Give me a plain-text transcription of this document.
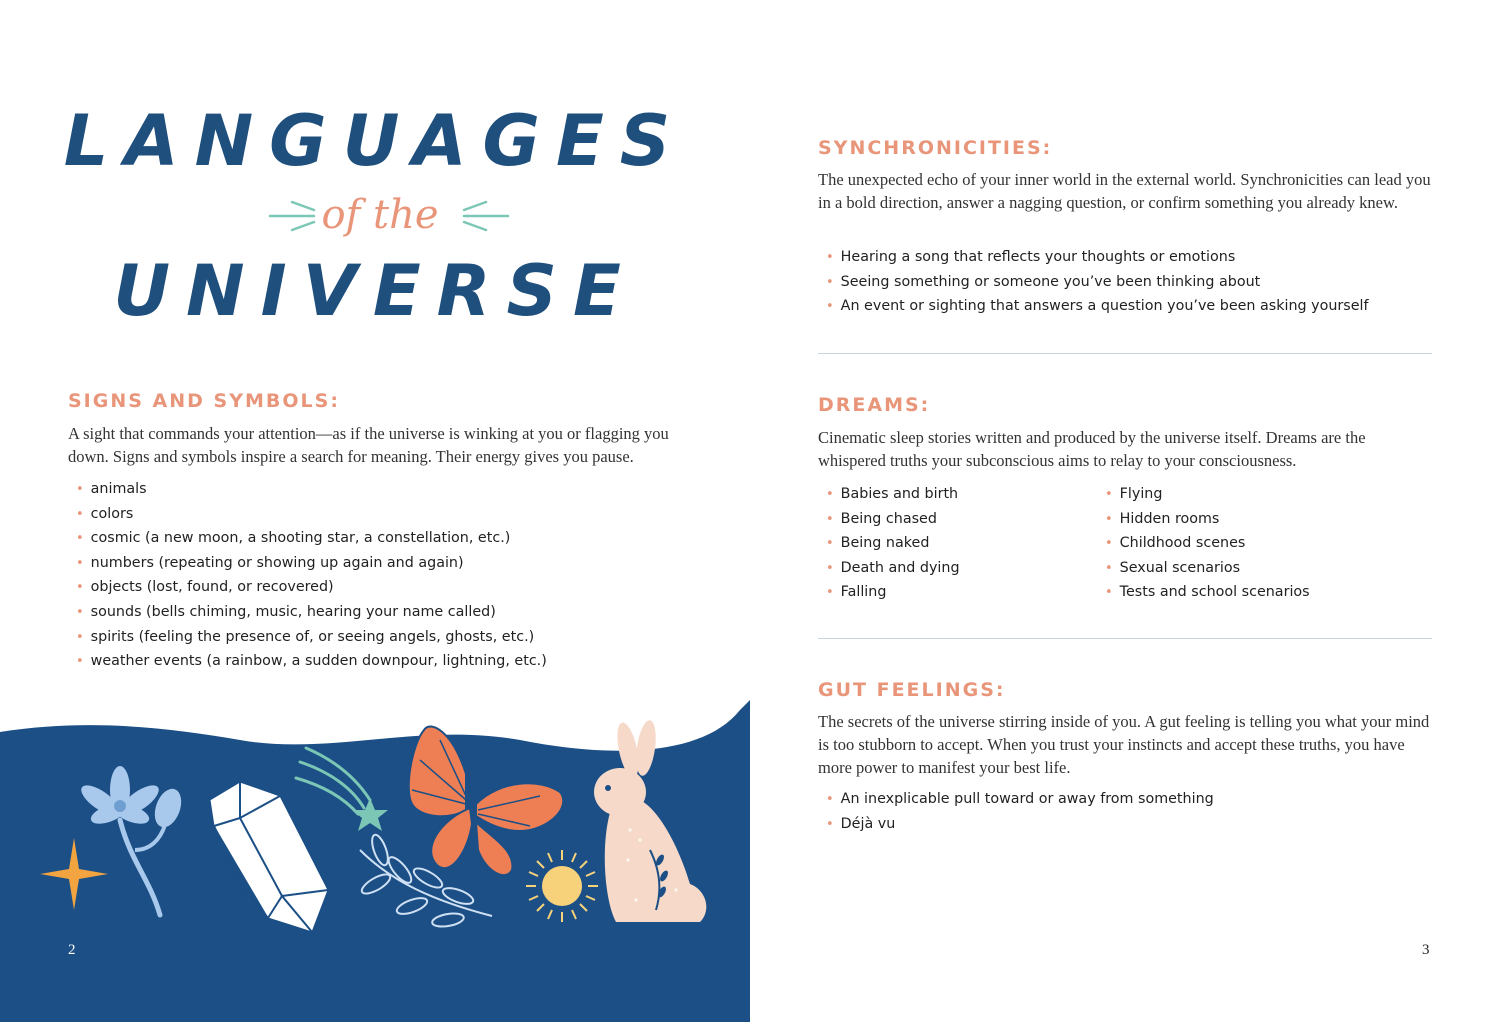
LANGUAGES
of the
UNIVERSE
SIGNS AND SYMBOLS:

A sight that commands your attention—as if the universe is winking at you or flagging you down. Signs and symbols inspire a search for meaning. Their energy gives you pause.

• animals
• colors
• cosmic (a new moon, a shooting star, a constellation, etc.)
• numbers (repeating or showing up again and again)
• objects (lost, found, or recovered)
• sounds (bells chiming, music, hearing your name called)
• spirits (feeling the presence of, or seeing angels, ghosts, etc.)
• weather events (a rainbow, a sudden downpour, lightning, etc.)
2
SYNCHRONICITIES:

The unexpected echo of your inner world in the external world. Synchronicities can lead you in a bold direction, answer a nagging question, or confirm something you already knew.

• Hearing a song that reflects your thoughts or emotions
• Seeing something or someone you’ve been thinking about
• An event or sighting that answers a question you’ve been asking yourself
DREAMS:

Cinematic sleep stories written and produced by the universe itself. Dreams are the whispered truths your subconscious aims to relay to your consciousness.

• Babies and birth
• Being chased
• Being naked
• Death and dying
• Falling
• Flying
• Hidden rooms
• Childhood scenes
• Sexual scenarios
• Tests and school scenarios
GUT FEELINGS:

The secrets of the universe stirring inside of you. A gut feeling is telling you what your mind is too stubborn to accept. When you trust your instincts and accept these truths, you have more power to manifest your best life.

• An inexplicable pull toward or away from something
• Déjà vu
3
